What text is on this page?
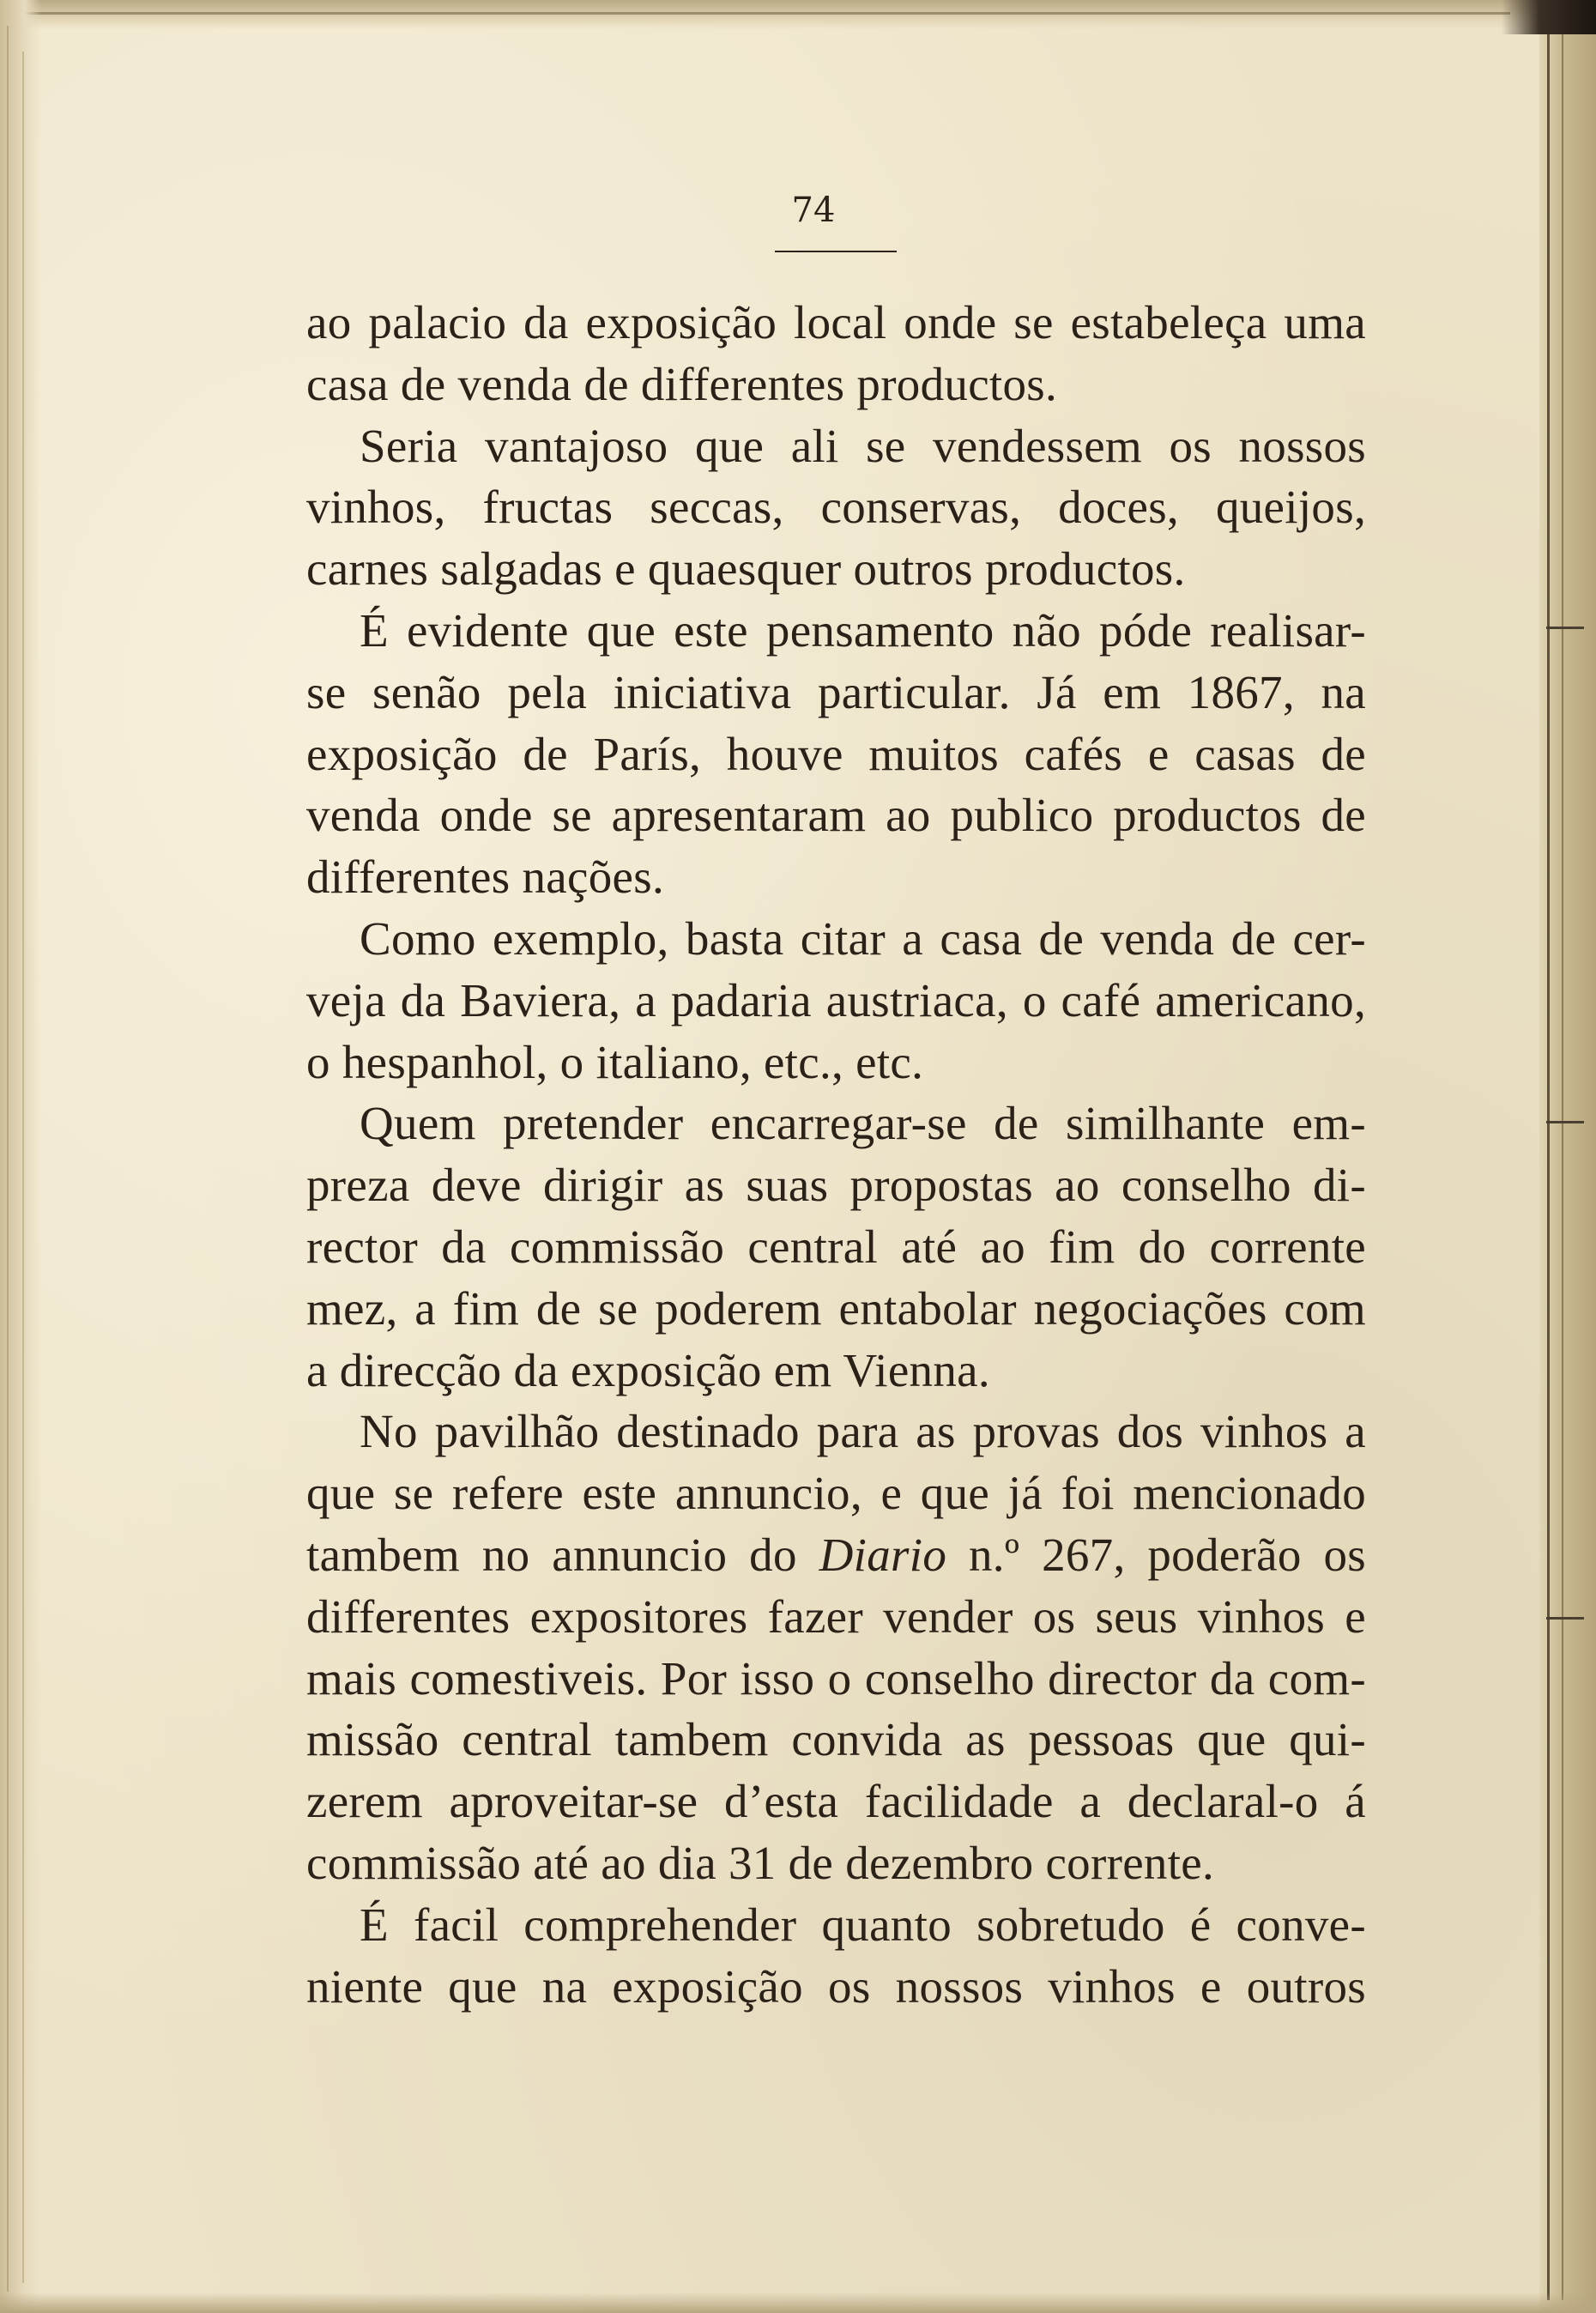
74
ao palacio da exposição local onde se estabeleça uma
casa de venda de differentes productos.
Seria vantajoso que ali se vendessem os nossos
vinhos, fructas seccas, conservas, doces, queijos,
carnes salgadas e quaesquer outros productos.
É evidente que este pensamento não póde realisar-
se senão pela iniciativa particular. Já em 1867, na
exposição de París, houve muitos cafés e casas de
venda onde se apresentaram ao publico productos de
differentes nações.
Como exemplo, basta citar a casa de venda de cer-
veja da Baviera, a padaria austriaca, o café americano,
o hespanhol, o italiano, etc., etc.
Quem pretender encarregar-se de similhante em-
preza deve dirigir as suas propostas ao conselho di-
rector da commissão central até ao fim do corrente
mez, a fim de se poderem entabolar negociações com
a direcção da exposição em Vienna.
No pavilhão destinado para as provas dos vinhos a
que se refere este annuncio, e que já foi mencionado
tambem no annuncio do Diario n.º 267, poderão os
differentes expositores fazer vender os seus vinhos e
mais comestiveis. Por isso o conselho director da com-
missão central tambem convida as pessoas que qui-
zerem aproveitar-se d’esta facilidade a declaral-o á
commissão até ao dia 31 de dezembro corrente.
É facil comprehender quanto sobretudo é conve-
niente que na exposição os nossos vinhos e outros
